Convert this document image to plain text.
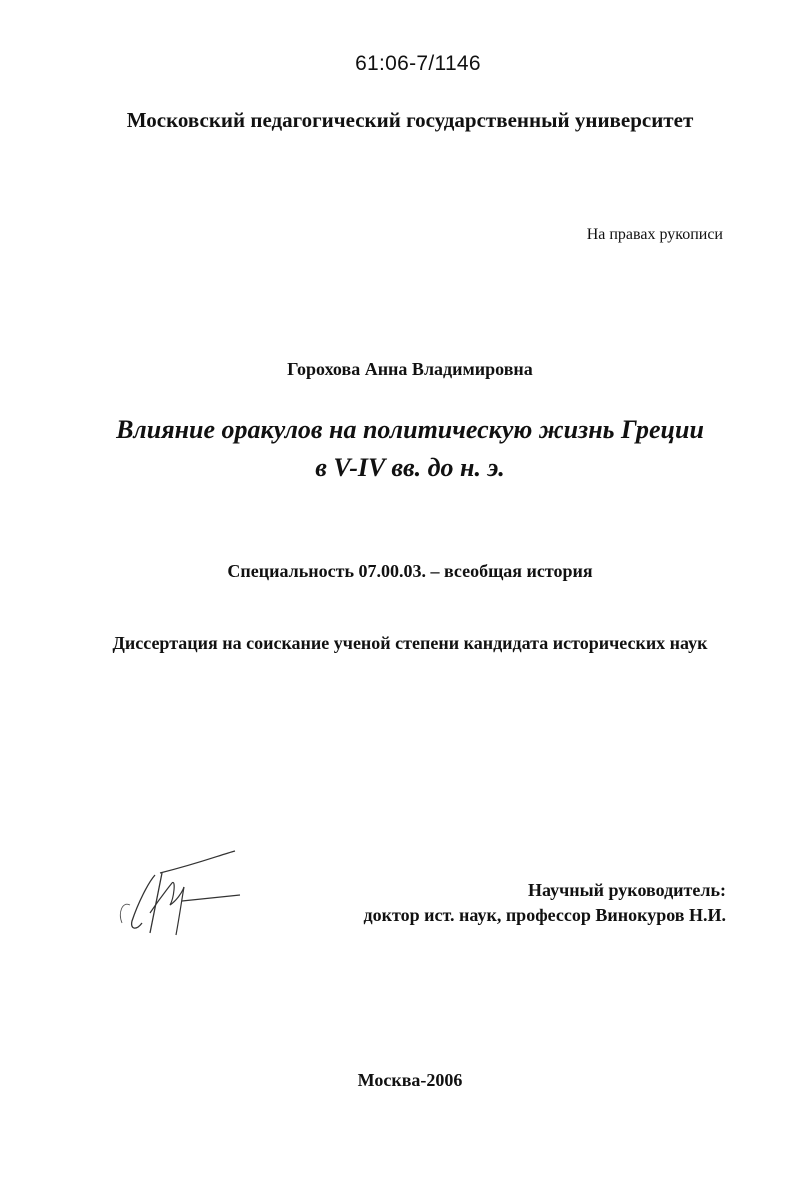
61:06-7/1146
Московский педагогический государственный университет
На правах рукописи
Горохова Анна Владимировна
Влияние оракулов на политическую жизнь Греции
в V-IV вв. до н. э.
Специальность 07.00.03. – всеобщая история
Диссертация на соискание ученой степени кандидата исторических наук
Научный руководитель:
доктор ист. наук, профессор Винокуров Н.И.
Москва-2006
